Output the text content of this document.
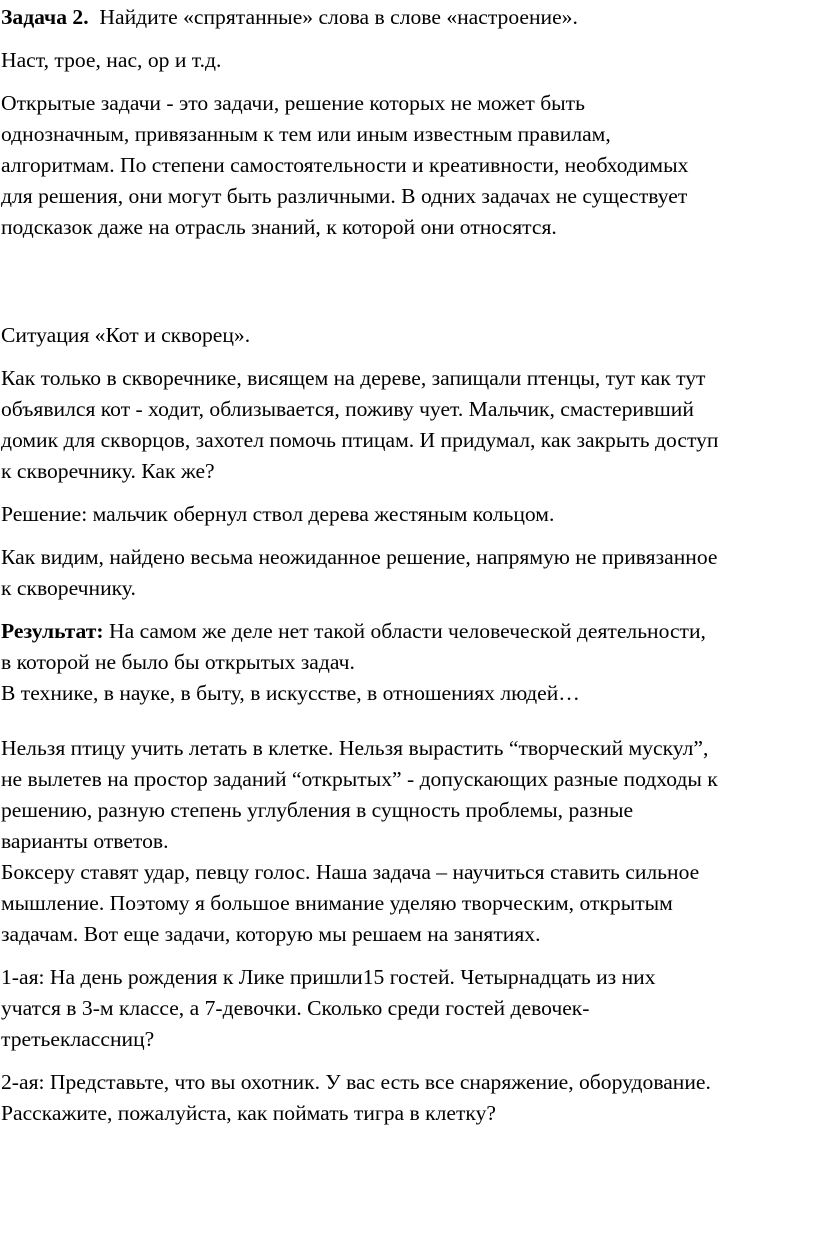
Задача 2. Найдите «спрятанные» слова в слове «настроение».

Наст, трое, нас, ор и т.д.

Открытые задачи - это задачи, решение которых не может быть
однозначным, привязанным к тем или иным известным правилам,
алгоритмам. По степени самостоятельности и креативности, необходимых
для решения, они могут быть различными. В одних задачах не существует
подсказок даже на отрасль знаний, к которой они относятся.

Ситуация «Кот и скворец».

Как только в скворечнике, висящем на дереве, запищали птенцы, тут как тут
объявился кот - ходит, облизывается, поживу чует. Мальчик, смастеривший
домик для скворцов, захотел помочь птицам. И придумал, как закрыть доступ
к скворечнику. Как же?

Решение: мальчик обернул ствол дерева жестяным кольцом.

Как видим, найдено весьма неожиданное решение, напрямую не привязанное
к скворечнику.

Результат: На самом же деле нет такой области человеческой деятельности,
в которой не было бы открытых задач.
В технике, в науке, в быту, в искусстве, в отношениях людей…

Нельзя птицу учить летать в клетке. Нельзя вырастить “творческий мускул”,
не вылетев на простор заданий “открытых” - допускающих разные подходы к
решению, разную степень углубления в сущность проблемы, разные
варианты ответов.
Боксеру ставят удар, певцу голос. Наша задача – научиться ставить сильное
мышление. Поэтому я большое внимание уделяю творческим, открытым
задачам. Вот еще задачи, которую мы решаем на занятиях.

1-ая: На день рождения к Лике пришли15 гостей. Четырнадцать из них
учатся в 3-м классе, а 7-девочки. Сколько среди гостей девочек-
третьеклассниц?

2-ая: Представьте, что вы охотник. У вас есть все снаряжение, оборудование.
Расскажите, пожалуйста, как поймать тигра в клетку?
